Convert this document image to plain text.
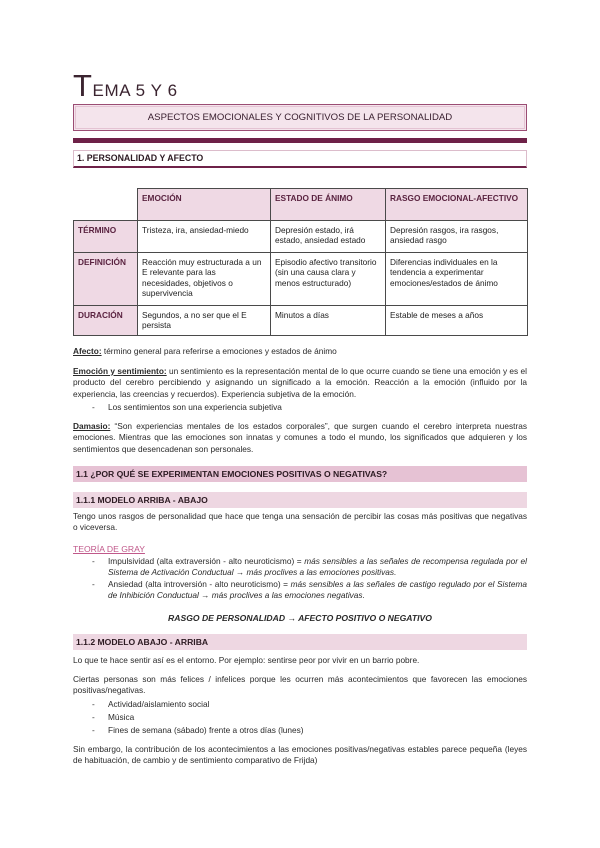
TEMA 5 Y 6
ASPECTOS EMOCIONALES Y COGNITIVOS DE LA PERSONALIDAD
1. PERSONALIDAD Y AFECTO
	EMOCIÓN	ESTADO DE ÁNIMO	RASGO EMOCIONAL-AFECTIVO
TÉRMINO	Tristeza, ira, ansiedad-miedo	Depresión estado, irá estado, ansiedad estado	Depresión rasgos, ira rasgos, ansiedad rasgo
DEFINICIÓN	Reacción muy estructurada a un E relevante para las necesidades, objetivos o supervivencia	Episodio afectivo transitorio (sin una causa clara y menos estructurado)	Diferencias individuales en la tendencia a experimentar emociones/estados de ánimo
DURACIÓN	Segundos, a no ser que el E persista	Minutos a días	Estable de meses a años
Afecto: término general para referirse a emociones y estados de ánimo
Emoción y sentimiento: un sentimiento es la representación mental de lo que ocurre cuando se tiene una emoción y es el producto del cerebro percibiendo y asignando un significado a la emoción. Reacción a la emoción (influido por la experiencia, las creencias y recuerdos). Experiencia subjetiva de la emoción.
- Los sentimientos son una experiencia subjetiva
Damasio: “Son experiencias mentales de los estados corporales”, que surgen cuando el cerebro interpreta nuestras emociones. Mientras que las emociones son innatas y comunes a todo el mundo, los significados que adquieren y los sentimientos que desencadenan son personales.
1.1 ¿POR QUÉ SE EXPERIMENTAN EMOCIONES POSITIVAS O NEGATIVAS?
1.1.1 MODELO ARRIBA - ABAJO
Tengo unos rasgos de personalidad que hace que tenga una sensación de percibir las cosas más positivas que negativas o viceversa.
TEORÍA DE GRAY
- Impulsividad (alta extraversión - alto neuroticismo) = más sensibles a las señales de recompensa regulada por el Sistema de Activación Conductual → más proclives a las emociones positivas.
- Ansiedad (alta introversión - alto neuroticismo) = más sensibles a las señales de castigo regulado por el Sistema de Inhibición Conductual → más proclives a las emociones negativas.
RASGO DE PERSONALIDAD → AFECTO POSITIVO O NEGATIVO
1.1.2 MODELO ABAJO - ARRIBA
Lo que te hace sentir así es el entorno. Por ejemplo: sentirse peor por vivir en un barrio pobre.
Ciertas personas son más felices / infelices porque les ocurren más acontecimientos que favorecen las emociones positivas/negativas.
- Actividad/aislamiento social
- Música
- Fines de semana (sábado) frente a otros días (lunes)
Sin embargo, la contribución de los acontecimientos a las emociones positivas/negativas estables parece pequeña (leyes de habituación, de cambio y de sentimiento comparativo de Frijda)
